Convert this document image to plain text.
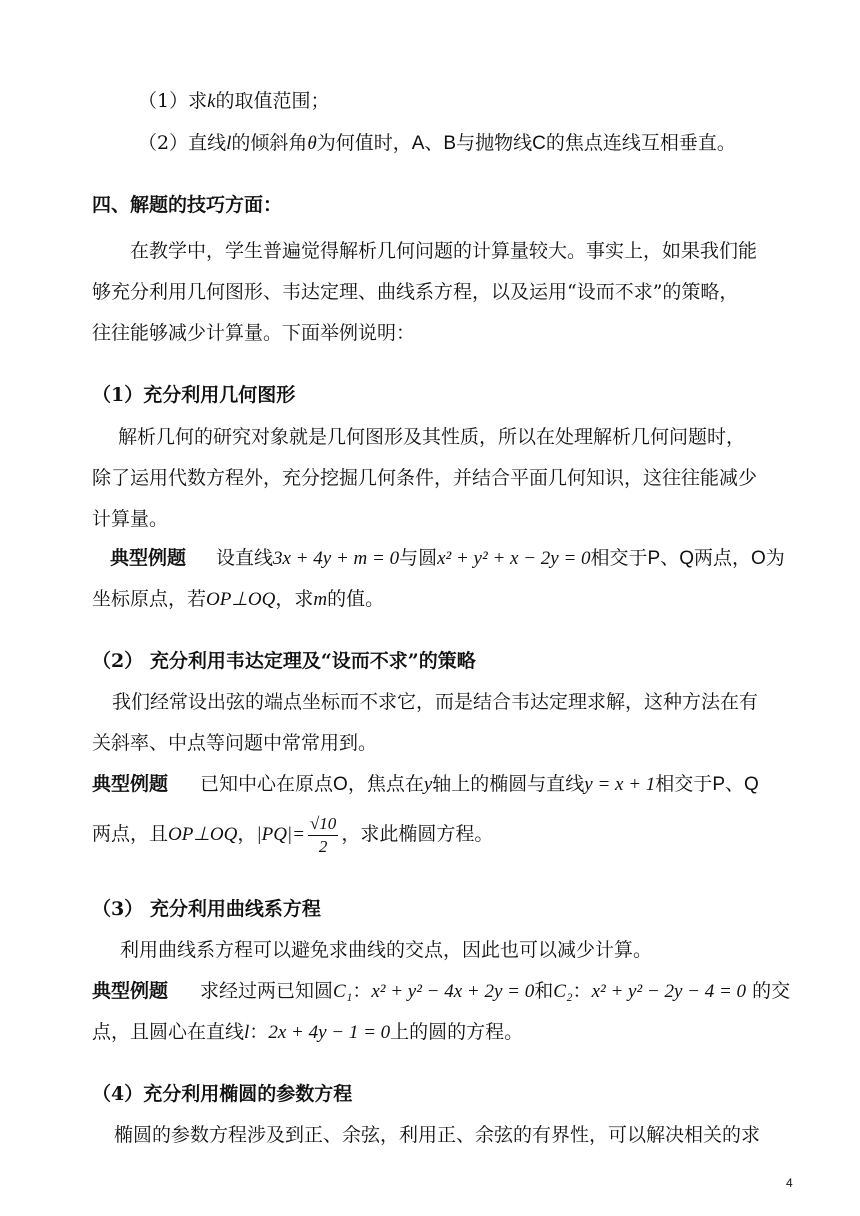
（1）求k的取值范围；
（2）直线l的倾斜角θ为何值时，A、B与抛物线C的焦点连线互相垂直。
四、解题的技巧方面：
在教学中，学生普遍觉得解析几何问题的计算量较大。事实上，如果我们能
够充分利用几何图形、韦达定理、曲线系方程，以及运用“设而不求”的策略，
往往能够减少计算量。下面举例说明：
（1）充分利用几何图形
解析几何的研究对象就是几何图形及其性质，所以在处理解析几何问题时，
除了运用代数方程外，充分挖掘几何条件，并结合平面几何知识，这往往能减少
计算量。
典型例题 设直线3x + 4y + m = 0与圆x² + y² + x − 2y = 0相交于P、Q两点，O为
坐标原点，若OP⊥OQ，求m的值。
（2） 充分利用韦达定理及“设而不求”的策略
我们经常设出弦的端点坐标而不求它，而是结合韦达定理求解，这种方法在有
关斜率、中点等问题中常常用到。
典型例题 已知中心在原点O，焦点在y轴上的椭圆与直线y = x + 1相交于P、Q
两点，且OP⊥OQ，$|PQ|= \frac{√10}{2}$ ，求此椭圆方程。
（3） 充分利用曲线系方程
利用曲线系方程可以避免求曲线的交点，因此也可以减少计算。
典型例题 求经过两已知圆C₁：x² + y² − 4x + 2y = 0和C₂：x² + y² − 2y − 4 = 0 的交
点，且圆心在直线l：2x + 4y − 1 = 0上的圆的方程。
（4）充分利用椭圆的参数方程
椭圆的参数方程涉及到正、余弦，利用正、余弦的有界性，可以解决相关的求
4
